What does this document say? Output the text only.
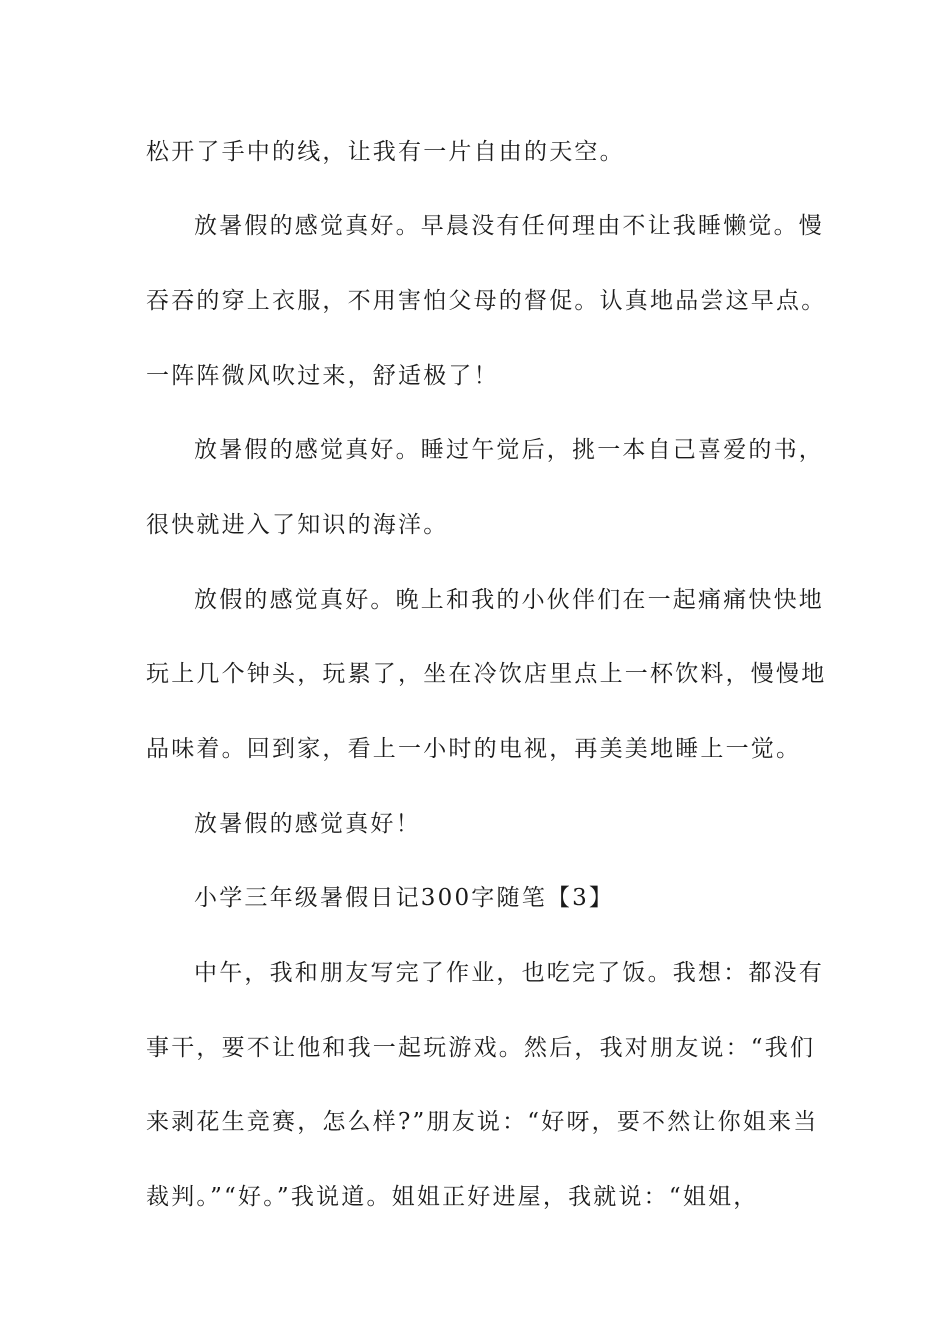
松开了手中的线，让我有一片自由的天空。

放暑假的感觉真好。早晨没有任何理由不让我睡懒觉。慢

吞吞的穿上衣服，不用害怕父母的督促。认真地品尝这早点。

一阵阵微风吹过来，舒适极了！

放暑假的感觉真好。睡过午觉后，挑一本自己喜爱的书，

很快就进入了知识的海洋。

放假的感觉真好。晚上和我的小伙伴们在一起痛痛快快地

玩上几个钟头，玩累了，坐在冷饮店里点上一杯饮料，慢慢地

品味着。回到家，看上一小时的电视，再美美地睡上一觉。

放暑假的感觉真好！

小学三年级暑假日记300字随笔【3】

中午，我和朋友写完了作业，也吃完了饭。我想：都没有

事干，要不让他和我一起玩游戏。然后，我对朋友说：“我们

来剥花生竞赛，怎么样?”朋友说：“好呀，要不然让你姐来当

裁判。”“好。”我说道。姐姐正好进屋，我就说：“姐姐，
